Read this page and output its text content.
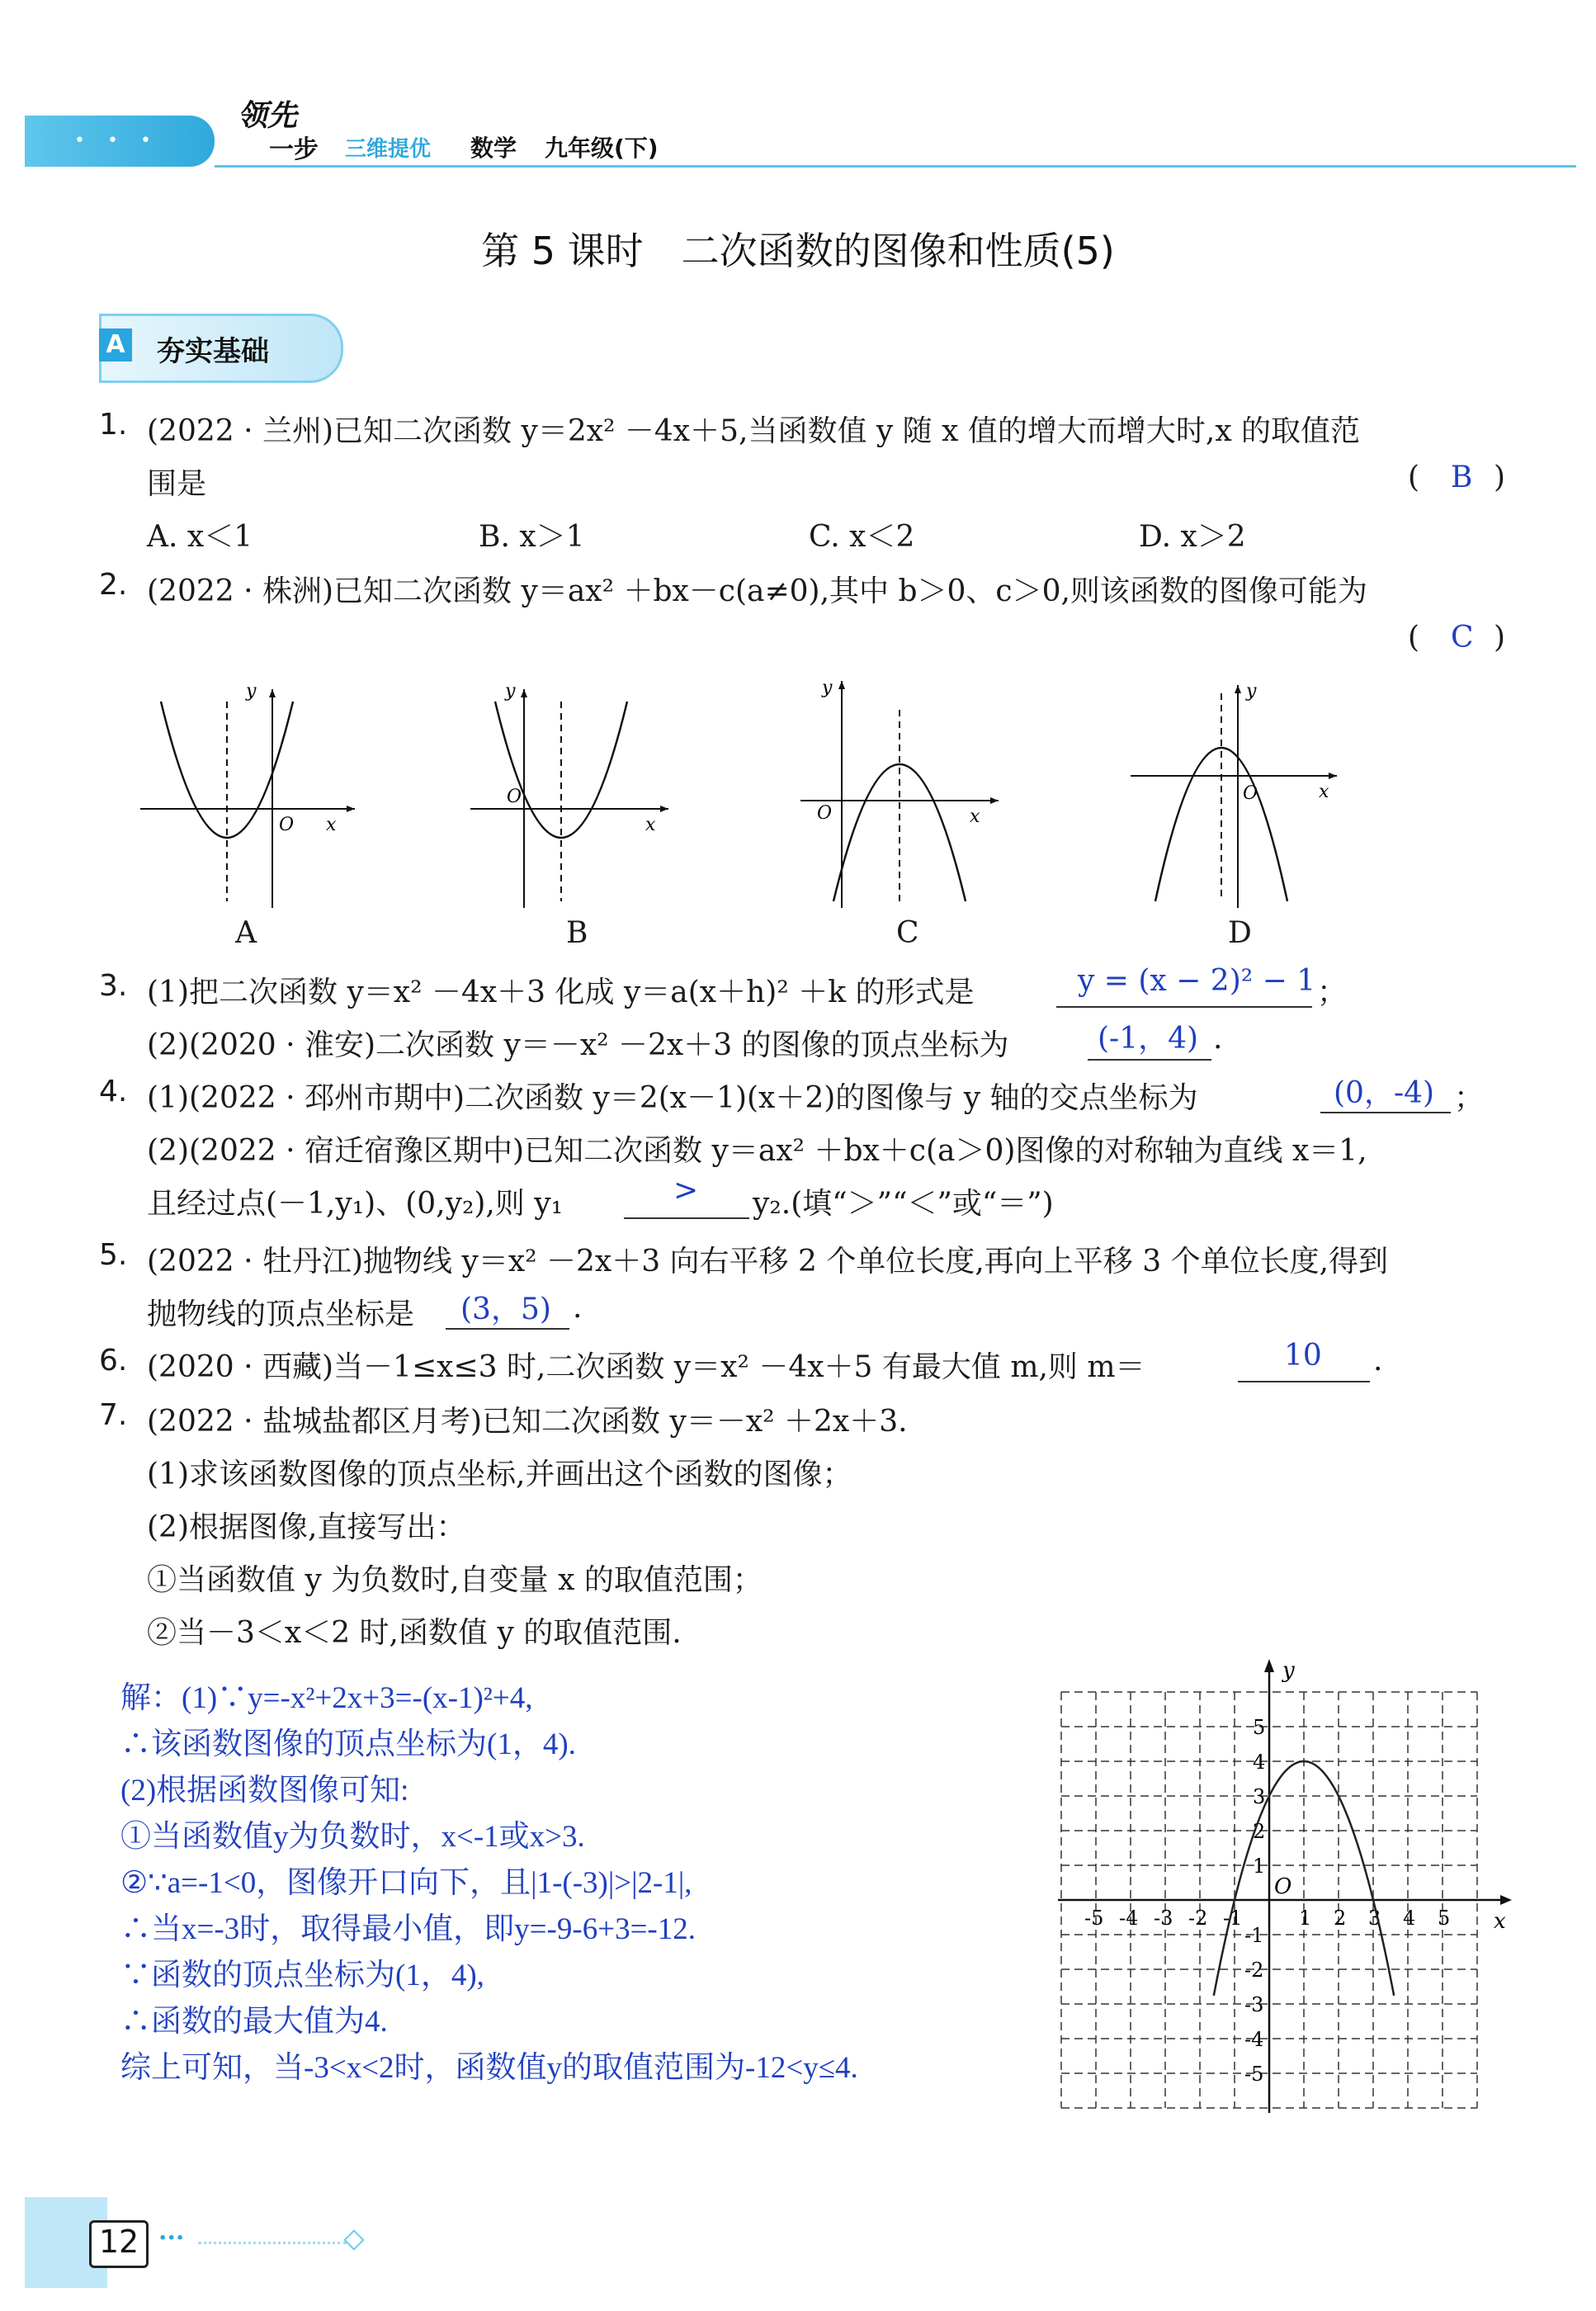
• • •
领先
一步 三维提优 数学 九年级(下)
第 5 课时　二次函数的图像和性质(5)
A 夯实基础
1. (2022 · 兰州)已知二次函数 y＝2x² －4x＋5,当函数值 y 随 x 值的增大而增大时,x 的取值范
围是	( B )
A. x＜1	B. x＞1	C. x＜2	D. x＞2
2. (2022 · 株洲)已知二次函数 y＝ax² ＋bx－c(a≠0),其中 b＞0、c＞0,则该函数的图像可能为
( C )
y
O x
y
O
x
y
O	x
y
O	x
A	B	C	D
3. (1)把二次函数 y＝x² －4x＋3 化成 y＝a(x＋h)² ＋k 的形式是	y = (x − 2)² − 1 ；
(2)(2020 · 淮安)二次函数 y＝－x² －2x＋3 的图像的顶点坐标为	(-1，4) .
4. (1)(2022 · 邳州市期中)二次函数 y＝2(x－1)(x＋2)的图像与 y 轴的交点坐标为	(0，-4) ；
(2)(2022 · 宿迁宿豫区期中)已知二次函数 y＝ax² ＋bx＋c(a＞0)图像的对称轴为直线 x＝1,
且经过点(－1,y₁)、(0,y₂),则 y₁	> y₂.(填“＞”“＜”或“＝”)
5. (2022 · 牡丹江)抛物线 y＝x² －2x＋3 向右平移 2 个单位长度,再向上平移 3 个单位长度,得到
抛物线的顶点坐标是 (3，5) .
6. (2020 · 西藏)当－1≤x≤3 时,二次函数 y＝x² －4x＋5 有最大值 m,则 m＝	10 .
7. (2022 · 盐城盐都区月考)已知二次函数 y＝－x² ＋2x＋3.
(1)求该函数图像的顶点坐标,并画出这个函数的图像；
(2)根据图像,直接写出：
①当函数值 y 为负数时,自变量 x 的取值范围；
②当－3＜x＜2 时,函数值 y 的取值范围.
解：(1)∵y=-x²+2x+3=-(x-1)²+4,
∴该函数图像的顶点坐标为(1，4).
(2)根据函数图像可知:
①当函数值y为负数时，x<-1或x>3.
②∵a=-1<0，图像开口向下，且|1-(-3)|>|2-1|,
∴当x=-3时，取得最小值，即y=-9-6+3=-12.
∵函数的顶点坐标为(1，4),
∴函数的最大值为4.
综上可知，当-3<x<2时，函数值y的取值范围为-12<y≤4.
y
x
O
-5 -4 -3 -2 -1	1 2 3 4 5
5
4
3
2
1
-1
-2
-3
-4
-5
12 ···
